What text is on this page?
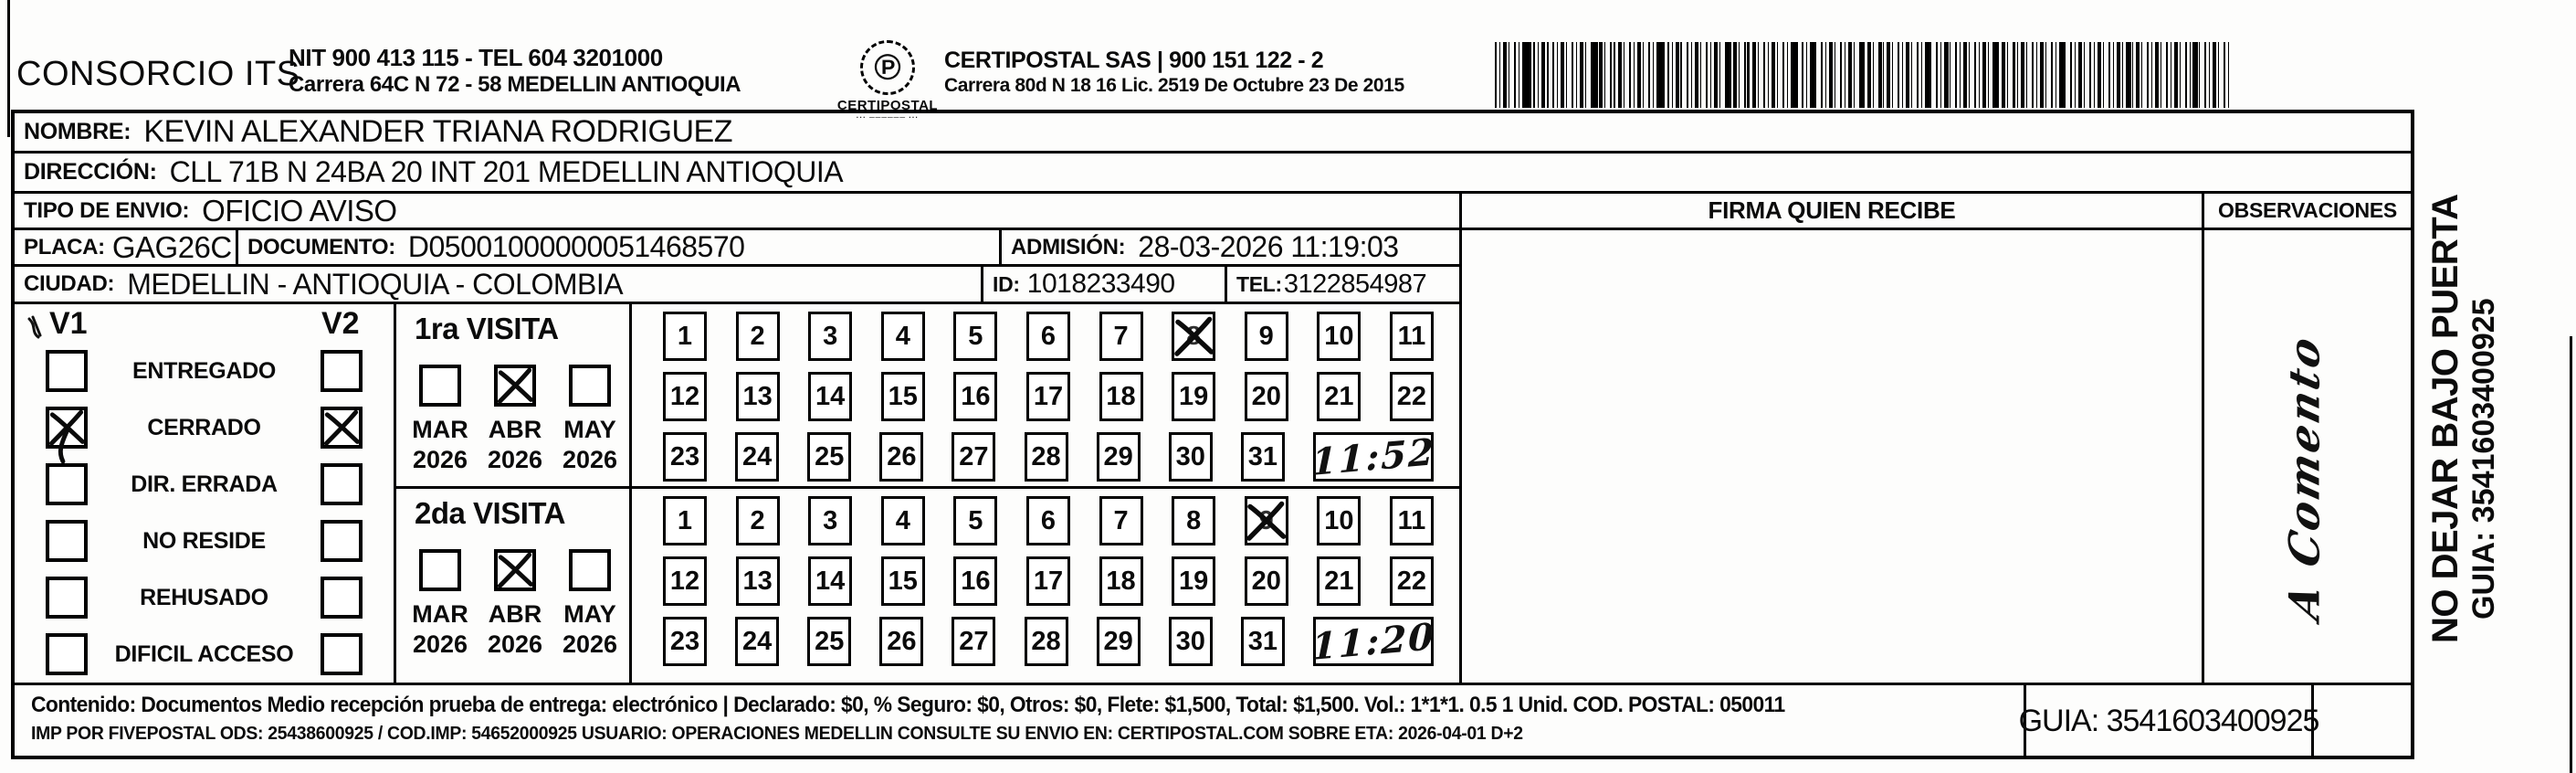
CONSORCIO ITS
NIT 900 413 115 - TEL 604 3201000
Carrera 64C N 72 - 58 MEDELLIN ANTIOQUIA	℗
CERTIPOSTAL
··· ────── ···
CERTIPOSTAL SAS | 900 151 122 - 2
Carrera 80d N 18 16 Lic. 2519 De Octubre 23 De 2015
NOMBRE: KEVIN ALEXANDER TRIANA RODRIGUEZ
DIRECCIÓN: CLL 71B N 24BA 20 INT 201 MEDELLIN ANTIOQUIA
TIPO DE ENVIO: OFICIO AVISO	FIRMA QUIEN RECIBE	OBSERVACIONES
PLACA: GAG26C DOCUMENTO: D05001000000051468570	ADMISIÓN: 28-03-2026 11:19:03
CIUDAD: MEDELLIN - ANTIOQUIA - COLOMBIA	ID: 1018233490	TEL: 3122854987
V1	V2
ENTREGADO
CERRADO
DIR. ERRADA
NO RESIDE
REHUSADO
DIFICIL ACCESO
1ra VISITA
MAR
2026
ABR
2026
MAY
2026
1 2 3 4 5 6 7 8 9 10 11
12 13 14 15 16 17 18 19 20 21 22
23 24 25 26 27 28 29 30 31 11:52
2da VISITA
MAR
2026
ABR
2026
MAY
2026
1 2 3 4 5 6 7 8 9 10 11
12 13 14 15 16 17 18 19 20 21 22
23 24 25 26 27 28 29 30 31 11:20
A Comento
Contenido: Documentos Medio recepción prueba de entrega: electrónico | Declarado: $0, % Seguro: $0, Otros: $0, Flete: $1,500, Total: $1,500. Vol.: 1*1*1. 0.5 1 Unid. COD. POSTAL: 050011
IMP POR FIVEPOSTAL ODS: 25438600925 / COD.IMP: 54652000925 USUARIO: OPERACIONES MEDELLIN CONSULTE SU ENVIO EN: CERTIPOSTAL.COM SOBRE ETA: 2026-04-01 D+2	GUIA: 3541603400925
NO DEJAR BAJO PUERTA GUIA: 3541603400925
